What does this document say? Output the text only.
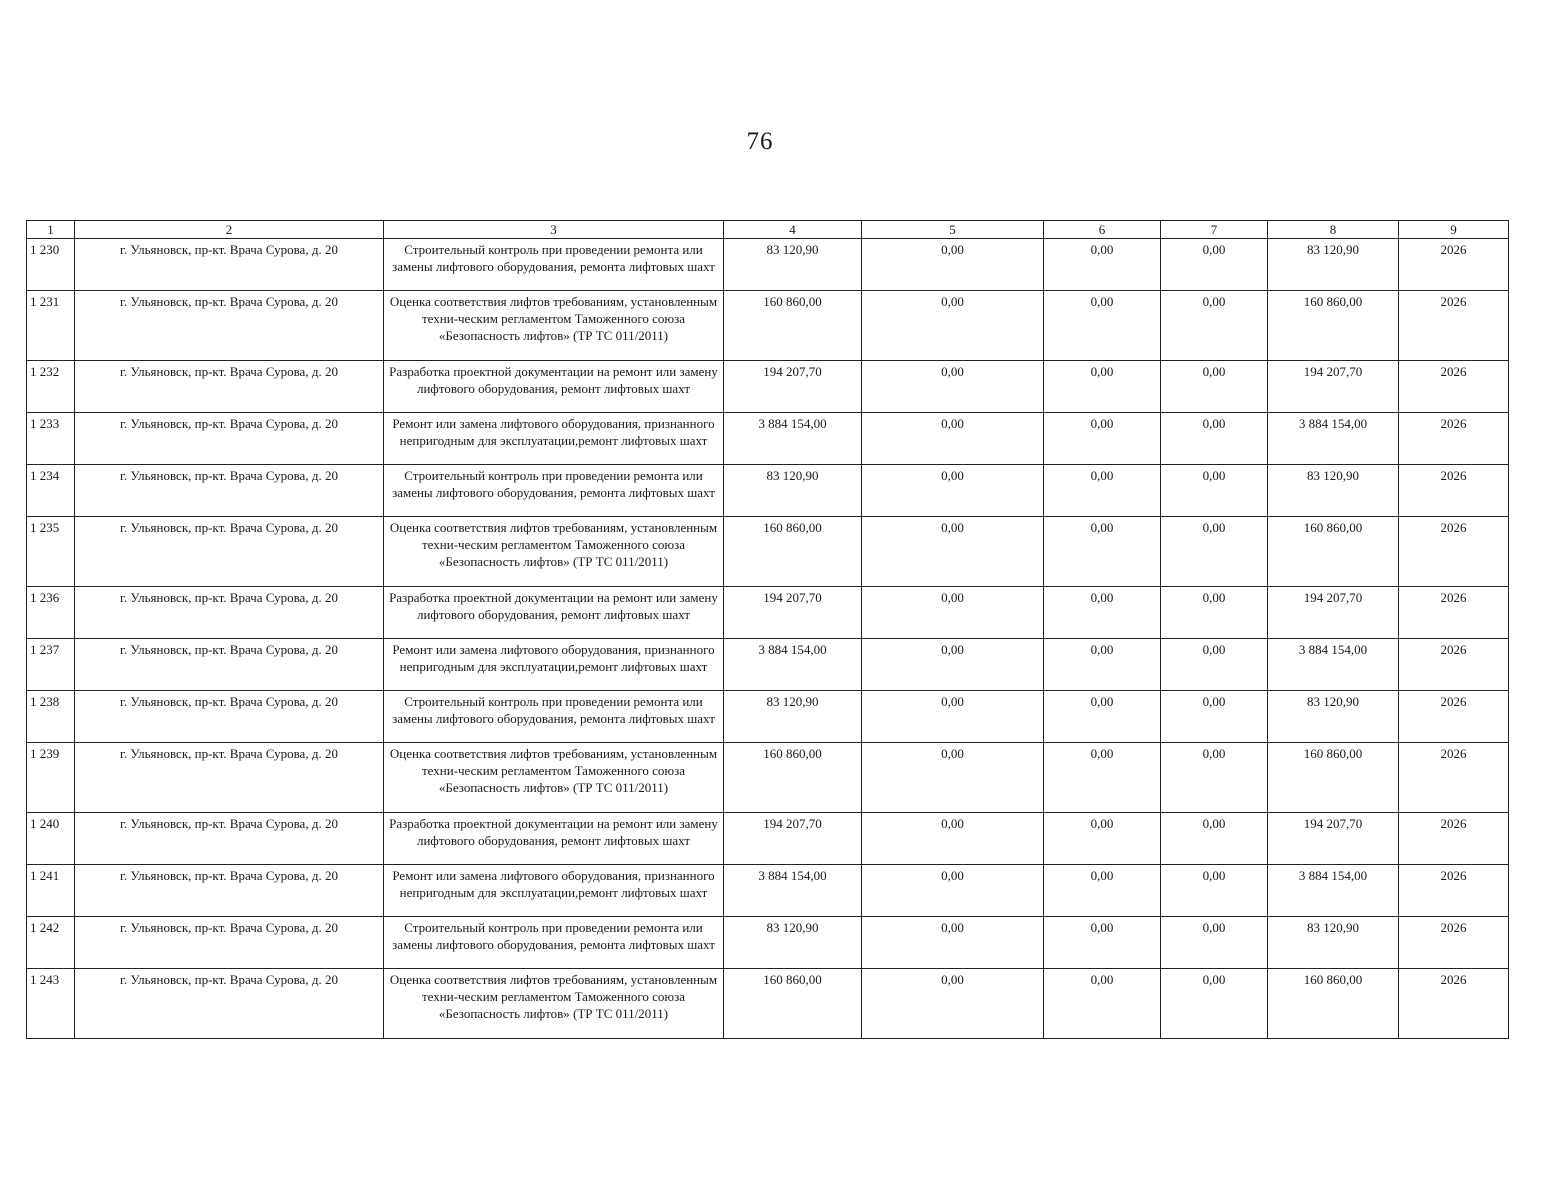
76
1	2	3	4	5	6	7	8	9
1 230	г. Ульяновск, пр-кт. Врача Сурова, д. 20	Строительный контроль при проведении ремонта или замены лифтового оборудования, ремонта лифтовых шахт	83 120,90	0,00	0,00	0,00	83 120,90	2026
1 231	г. Ульяновск, пр-кт. Врача Сурова, д. 20	Оценка соответствия лифтов требованиям, установленным техни-ческим регламентом Таможенного союза «Безопасность лифтов» (ТР ТС 011/2011)	160 860,00	0,00	0,00	0,00	160 860,00	2026
1 232	г. Ульяновск, пр-кт. Врача Сурова, д. 20	Разработка проектной документации на ремонт или замену лифтового оборудования, ремонт лифтовых шахт	194 207,70	0,00	0,00	0,00	194 207,70	2026
1 233	г. Ульяновск, пр-кт. Врача Сурова, д. 20	Ремонт или замена лифтового оборудования, признанного непригодным для эксплуатации,ремонт лифтовых шахт	3 884 154,00	0,00	0,00	0,00	3 884 154,00	2026
1 234	г. Ульяновск, пр-кт. Врача Сурова, д. 20	Строительный контроль при проведении ремонта или замены лифтового оборудования, ремонта лифтовых шахт	83 120,90	0,00	0,00	0,00	83 120,90	2026
1 235	г. Ульяновск, пр-кт. Врача Сурова, д. 20	Оценка соответствия лифтов требованиям, установленным техни-ческим регламентом Таможенного союза «Безопасность лифтов» (ТР ТС 011/2011)	160 860,00	0,00	0,00	0,00	160 860,00	2026
1 236	г. Ульяновск, пр-кт. Врача Сурова, д. 20	Разработка проектной документации на ремонт или замену лифтового оборудования, ремонт лифтовых шахт	194 207,70	0,00	0,00	0,00	194 207,70	2026
1 237	г. Ульяновск, пр-кт. Врача Сурова, д. 20	Ремонт или замена лифтового оборудования, признанного непригодным для эксплуатации,ремонт лифтовых шахт	3 884 154,00	0,00	0,00	0,00	3 884 154,00	2026
1 238	г. Ульяновск, пр-кт. Врача Сурова, д. 20	Строительный контроль при проведении ремонта или замены лифтового оборудования, ремонта лифтовых шахт	83 120,90	0,00	0,00	0,00	83 120,90	2026
1 239	г. Ульяновск, пр-кт. Врача Сурова, д. 20	Оценка соответствия лифтов требованиям, установленным техни-ческим регламентом Таможенного союза «Безопасность лифтов» (ТР ТС 011/2011)	160 860,00	0,00	0,00	0,00	160 860,00	2026
1 240	г. Ульяновск, пр-кт. Врача Сурова, д. 20	Разработка проектной документации на ремонт или замену лифтового оборудования, ремонт лифтовых шахт	194 207,70	0,00	0,00	0,00	194 207,70	2026
1 241	г. Ульяновск, пр-кт. Врача Сурова, д. 20	Ремонт или замена лифтового оборудования, признанного непригодным для эксплуатации,ремонт лифтовых шахт	3 884 154,00	0,00	0,00	0,00	3 884 154,00	2026
1 242	г. Ульяновск, пр-кт. Врача Сурова, д. 20	Строительный контроль при проведении ремонта или замены лифтового оборудования, ремонта лифтовых шахт	83 120,90	0,00	0,00	0,00	83 120,90	2026
1 243	г. Ульяновск, пр-кт. Врача Сурова, д. 20	Оценка соответствия лифтов требованиям, установленным техни-ческим регламентом Таможенного союза «Безопасность лифтов» (ТР ТС 011/2011)	160 860,00	0,00	0,00	0,00	160 860,00	2026
